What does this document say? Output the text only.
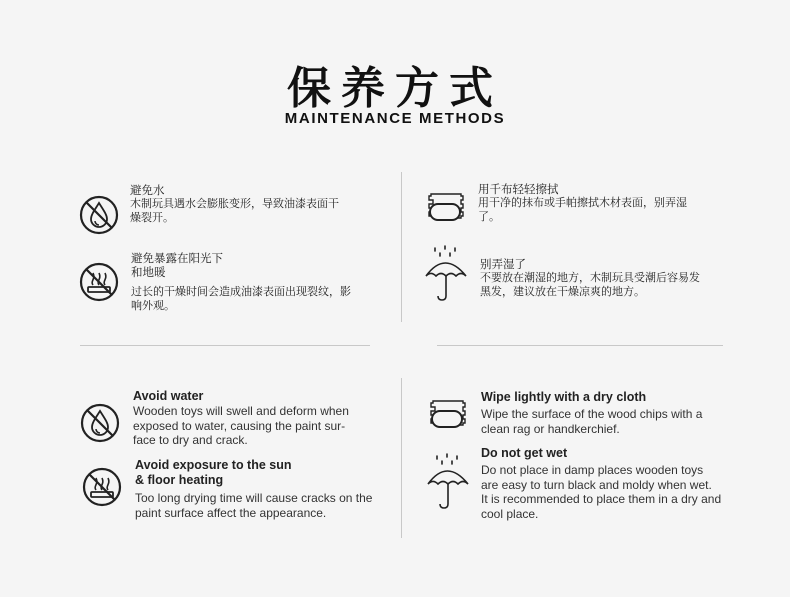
保养方式
MAINTENANCE METHODS
避免水
木制玩具遇水会膨胀变形，导致油漆表面干
燥裂开。
避免暴露在阳光下
和地暖
过长的干燥时间会造成油漆表面出现裂纹，影
响外观。
用千布轻轻擦拭
用干净的抹布或手帕擦拭木材表面，别弄湿
了。
别弄湿了
不要放在潮湿的地方，木制玩具受潮后容易发
黑发，建议放在干燥凉爽的地方。
Avoid water
Wooden toys will swell and deform when
exposed to water, causing the paint sur-
face to dry and crack.
Avoid exposure to the sun
& floor heating
Too long drying time will cause cracks on the
paint surface affect the appearance.
Wipe lightly with a dry cloth
Wipe the surface of the wood chips with a
clean rag or handkerchief.
Do not get wet
Do not place in damp places wooden toys
are easy to turn black and moldy when wet.
It is recommended to place them in a dry and
cool place.
